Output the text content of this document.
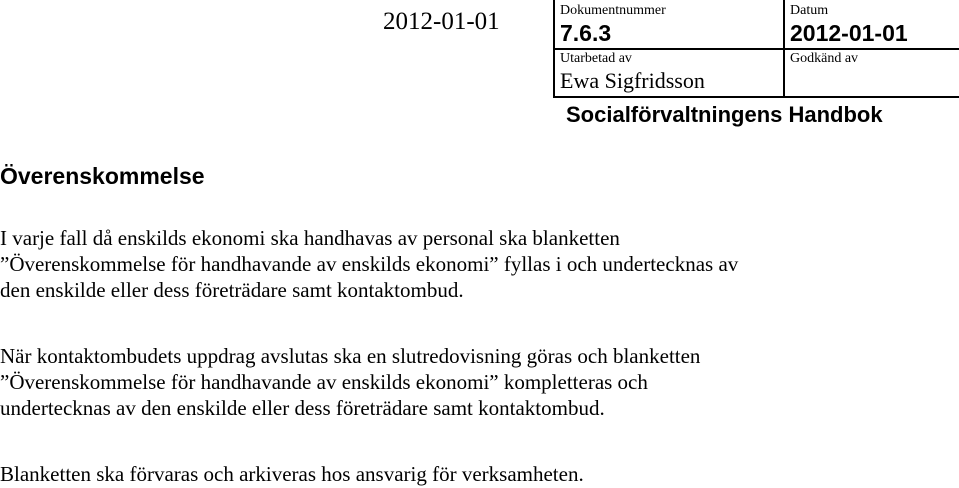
2012-01-01	Dokumentnummer
7.6.3
Datum
2012-01-01
Utarbetad av
Ewa Sigfridsson
Godkänd av
Socialförvaltningens Handbok
Överenskommelse
I varje fall då enskilds ekonomi ska handhavas av personal ska blanketten
”Överenskommelse för handhavande av enskilds ekonomi” fyllas i och undertecknas av
den enskilde eller dess företrädare samt kontaktombud.
När kontaktombudets uppdrag avslutas ska en slutredovisning göras och blanketten
”Överenskommelse för handhavande av enskilds ekonomi” kompletteras och
undertecknas av den enskilde eller dess företrädare samt kontaktombud.
Blanketten ska förvaras och arkiveras hos ansvarig för verksamheten.
